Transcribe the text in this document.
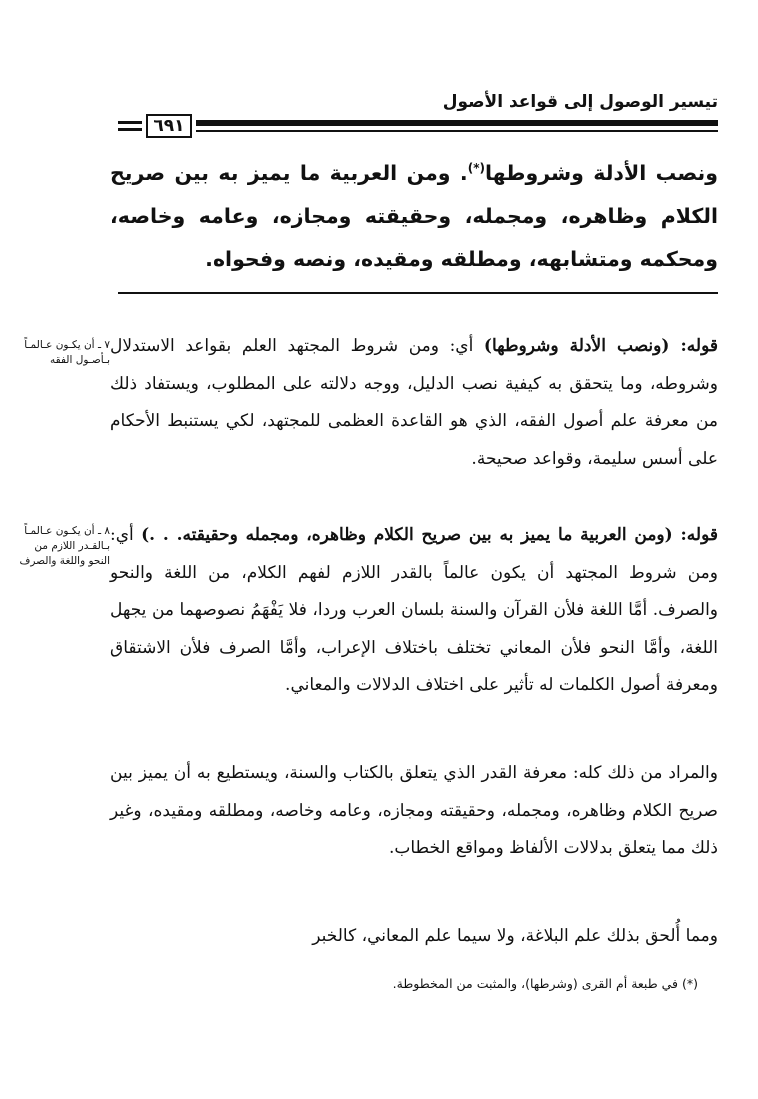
تيسير الوصول إلى قواعد الأصول
٦٩١
ونصب الأدلة وشروطها(*). ومن العربية ما يميز به بين صريح الكلام وظاهره، ومجمله، وحقيقته ومجازه، وعامه وخاصه، ومحكمه ومتشابهه، ومطلقه ومقيده، ونصه وفحواه.
قوله: (ونصب الأدلة وشروطها) أي: ومن شروط المجتهد العلم بقواعد الاستدلال وشروطه، وما يتحقق به كيفية نصب الدليل، ووجه دلالته على المطلوب، ويستفاد ذلك من معرفة علم أصول الفقه، الذي هو القاعدة العظمى للمجتهد، لكي يستنبط الأحكام على أسس سليمة، وقواعد صحيحة.
قوله: (ومن العربية ما يميز به بين صريح الكلام وظاهره، ومجمله وحقيقته. . .) أي: ومن شروط المجتهد أن يكون عالماً بالقدر اللازم لفهم الكلام، من اللغة والنحو والصرف. أمَّا اللغة فلأن القرآن والسنة بلسان العرب وردا، فلا يَفْهَمُ نصوصهما من يجهل اللغة، وأمَّا النحو فلأن المعاني تختلف باختلاف الإعراب، وأمَّا الصرف فلأن الاشتقاق ومعرفة أصول الكلمات له تأثير على اختلاف الدلالات والمعاني.
والمراد من ذلك كله: معرفة القدر الذي يتعلق بالكتاب والسنة، ويستطيع به أن يميز بين صريح الكلام وظاهره، ومجمله، وحقيقته ومجازه، وعامه وخاصه، ومطلقه ومقيده، وغير ذلك مما يتعلق بدلالات الألفاظ ومواقع الخطاب.
ومما أُلحق بذلك علم البلاغة، ولا سيما علم المعاني، كالخبر
٧ ـ أن يكـون عـالمـاً بـأصـول الفقه
٨ ـ أن يكـون عـالمـاً بـالقـدر اللازم من النحو واللغة والصرف
(*) في طبعة أم القرى (وشرطها)، والمثبت من المخطوطة.
